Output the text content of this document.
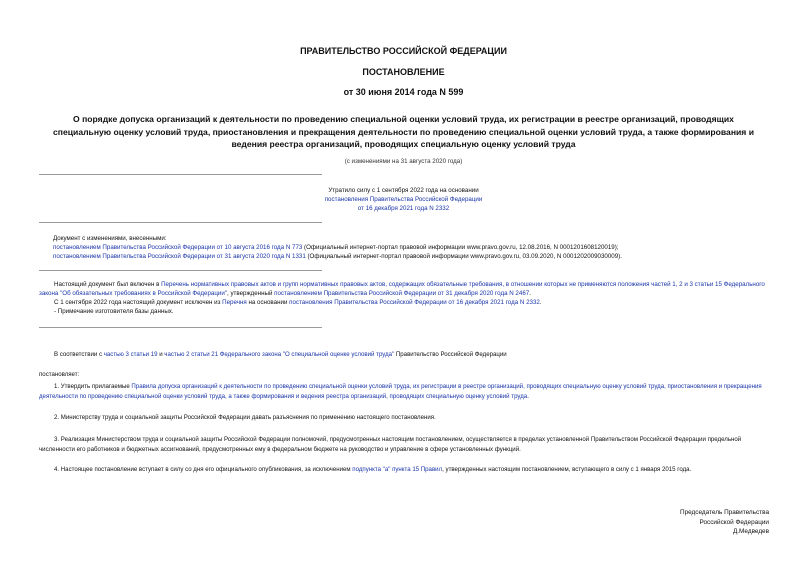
ПРАВИТЕЛЬСТВО РОССИЙСКОЙ ФЕДЕРАЦИИ
ПОСТАНОВЛЕНИЕ
от 30 июня 2014 года N 599
О порядке допуска организаций к деятельности по проведению специальной оценки условий труда, их регистрации в реестре организаций, проводящих
специальную оценку условий труда, приостановления и прекращения деятельности по проведению специальной оценки условий труда, а также формирования и
ведения реестра организаций, проводящих специальную оценку условий труда
(с изменениями на 31 августа 2020 года)
Утратило силу с 1 сентября 2022 года на основании
постановления Правительства Российской Федерации
от 16 декабря 2021 года N 2332
Документ с изменениями, внесенными:
постановлением Правительства Российской Федерации от 10 августа 2016 года N 773 (Официальный интернет-портал правовой информации www.pravo.gov.ru, 12.08.2016, N 0001201608120019);
постановлением Правительства Российской Федерации от 31 августа 2020 года N 1331 (Официальный интернет-портал правовой информации www.pravo.gov.ru, 03.09.2020, N 0001202009030009).
Настоящий документ был включен в Перечень нормативных правовых актов и групп нормативных правовых актов, содержащих обязательные требования, в отношении которых не применяются положения частей 1, 2 и 3 статьи 15 Федерального закона "Об обязательных требованиях в Российской Федерации", утвержденный постановлением Правительства Российской Федерации от 31 декабря 2020 года N 2467.
С 1 сентября 2022 года настоящий документ исключен из Перечня на основании постановления Правительства Российской Федерации от 16 декабря 2021 года N 2332.
- Примечание изготовителя базы данных.
В соответствии с частью 3 статьи 19 и частью 2 статьи 21 Федерального закона "О специальной оценке условий труда" Правительство Российской Федерации
постановляет:
1. Утвердить прилагаемые Правила допуска организаций к деятельности по проведению специальной оценки условий труда, их регистрации в реестре организаций, проводящих специальную оценку условий труда, приостановления и прекращения деятельности по проведению специальной оценки условий труда, а также формирования и ведения реестра организаций, проводящих специальную оценку условий труда.
2. Министерству труда и социальной защиты Российской Федерации давать разъяснения по применению настоящего постановления.
3. Реализация Министерством труда и социальной защиты Российской Федерации полномочий, предусмотренных настоящим постановлением, осуществляется в пределах установленной Правительством Российской Федерации предельной численности его работников и бюджетных ассигнований, предусмотренных ему в федеральном бюджете на руководство и управление в сфере установленных функций.
4. Настоящее постановление вступает в силу со дня его официального опубликования, за исключением подпункта "а" пункта 15 Правил, утвержденных настоящим постановлением, вступающего в силу с 1 января 2015 года.
Председатель Правительства
Российской Федерации
Д.Медведев
